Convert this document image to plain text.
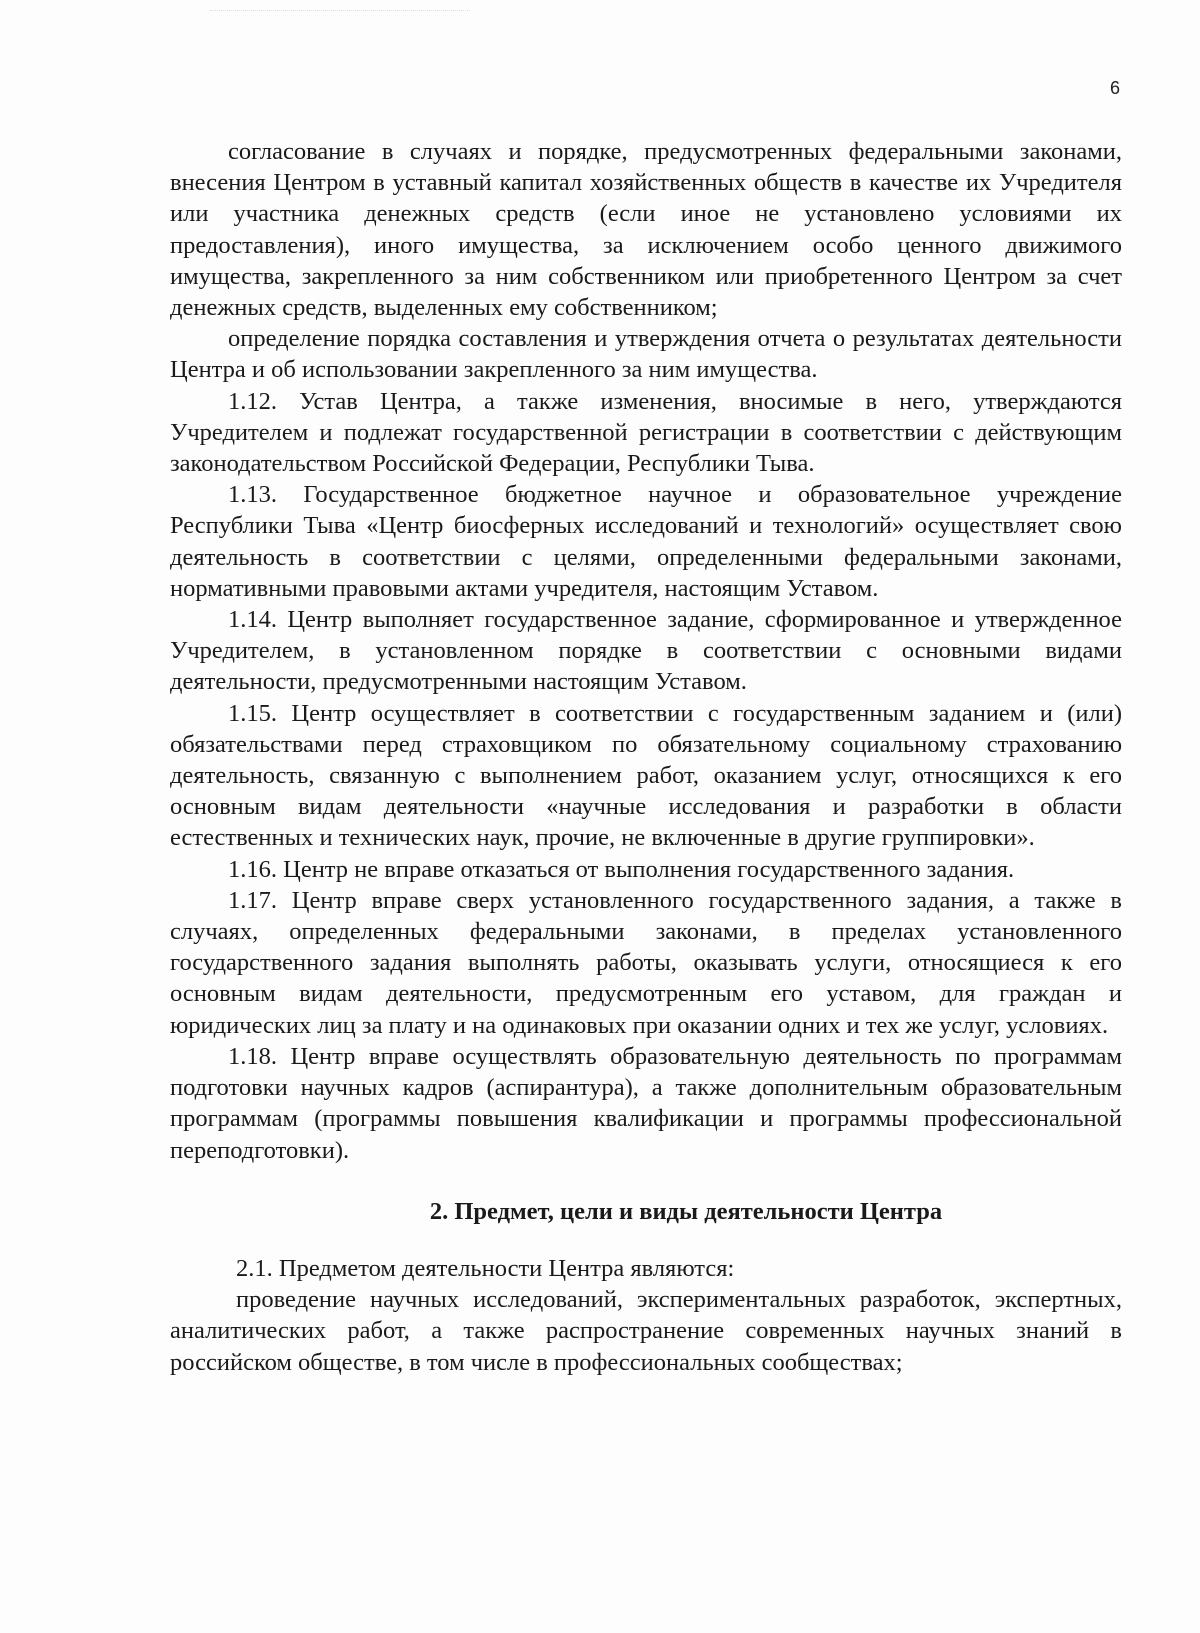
6

согласование в случаях и порядке, предусмотренных федеральными законами, внесения Центром в уставный капитал хозяйственных обществ в качестве их Учредителя или участника денежных средств (если иное не установлено условиями их предоставления), иного имущества, за исключением особо ценного движимого имущества, закрепленного за ним собственником или приобретенного Центром за счет денежных средств, выделенных ему собственником;

определение порядка составления и утверждения отчета о результатах деятельности Центра и об использовании закрепленного за ним имущества.

1.12. Устав Центра, а также изменения, вносимые в него, утверждаются Учредителем и подлежат государственной регистрации в соответствии с действующим законодательством Российской Федерации, Республики Тыва.

1.13. Государственное бюджетное научное и образовательное учреждение Республики Тыва «Центр биосферных исследований и технологий» осуществляет свою деятельность в соответствии с целями, определенными федеральными законами, нормативными правовыми актами учредителя, настоящим Уставом.

1.14. Центр выполняет государственное задание, сформированное и утвержденное Учредителем, в установленном порядке в соответствии с основными видами деятельности, предусмотренными настоящим Уставом.

1.15. Центр осуществляет в соответствии с государственным заданием и (или) обязательствами перед страховщиком по обязательному социальному страхованию деятельность, связанную с выполнением работ, оказанием услуг, относящихся к его основным видам деятельности «научные исследования и разработки в области естественных и технических наук, прочие, не включенные в другие группировки».

1.16. Центр не вправе отказаться от выполнения государственного задания.

1.17. Центр вправе сверх установленного государственного задания, а также в случаях, определенных федеральными законами, в пределах установленного государственного задания выполнять работы, оказывать услуги, относящиеся к его основным видам деятельности, предусмотренным его уставом, для граждан и юридических лиц за плату и на одинаковых при оказании одних и тех же услуг, условиях.

1.18. Центр вправе осуществлять образовательную деятельность по программам подготовки научных кадров (аспирантура), а также дополнительным образовательным программам (программы повышения квалификации и программы профессиональной переподготовки).

2. Предмет, цели и виды деятельности Центра

2.1. Предметом деятельности Центра являются:

проведение научных исследований, экспериментальных разработок, экспертных, аналитических работ, а также распространение современных научных знаний в российском обществе, в том числе в профессиональных сообществах;
